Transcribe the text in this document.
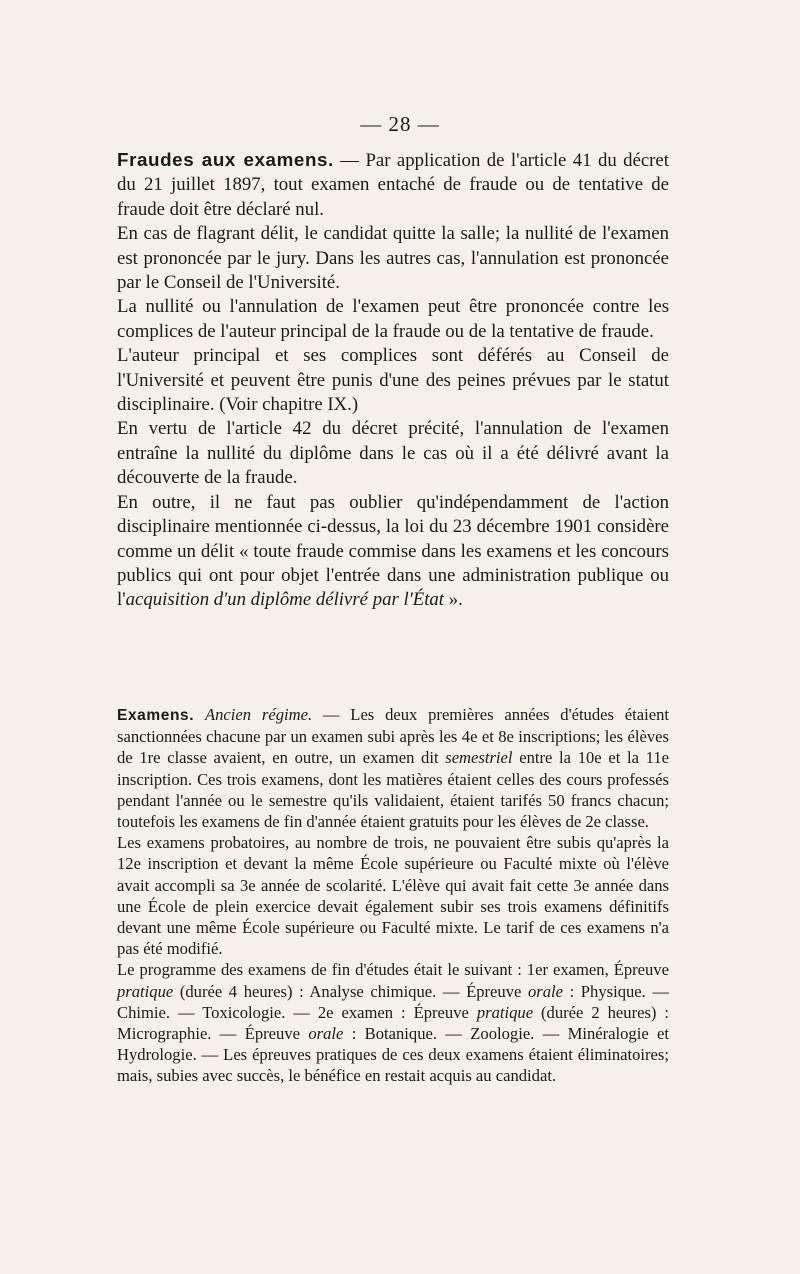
— 28 —

Fraudes aux examens. — Par application de l'article 41 du décret du 21 juillet 1897, tout examen entaché de fraude ou de tentative de fraude doit être déclaré nul.

En cas de flagrant délit, le candidat quitte la salle; la nullité de l'examen est prononcée par le jury. Dans les autres cas, l'annulation est prononcée par le Conseil de l'Université.

La nullité ou l'annulation de l'examen peut être prononcée contre les complices de l'auteur principal de la fraude ou de la tentative de fraude.

L'auteur principal et ses complices sont déférés au Conseil de l'Université et peuvent être punis d'une des peines prévues par le statut disciplinaire. (Voir chapitre IX.)

En vertu de l'article 42 du décret précité, l'annulation de l'examen entraîne la nullité du diplôme dans le cas où il a été délivré avant la découverte de la fraude.

En outre, il ne faut pas oublier qu'indépendamment de l'action disciplinaire mentionnée ci-dessus, la loi du 23 décembre 1901 considère comme un délit « toute fraude commise dans les examens et les concours publics qui ont pour objet l'entrée dans une administration publique ou l'acquisition d'un diplôme délivré par l'État ».

Examens. Ancien régime. — Les deux premières années d'études étaient sanctionnées chacune par un examen subi après les 4e et 8e inscriptions; les élèves de 1re classe avaient, en outre, un examen dit semestriel entre la 10e et la 11e inscription. Ces trois examens, dont les matières étaient celles des cours professés pendant l'année ou le semestre qu'ils validaient, étaient tarifés 50 francs chacun; toutefois les examens de fin d'année étaient gratuits pour les élèves de 2e classe.

Les examens probatoires, au nombre de trois, ne pouvaient être subis qu'après la 12e inscription et devant la même École supérieure ou Faculté mixte où l'élève avait accompli sa 3e année de scolarité. L'élève qui avait fait cette 3e année dans une École de plein exercice devait également subir ses trois examens définitifs devant une même École supérieure ou Faculté mixte. Le tarif de ces examens n'a pas été modifié.

Le programme des examens de fin d'études était le suivant : 1er examen, Épreuve pratique (durée 4 heures) : Analyse chimique. — Épreuve orale : Physique. — Chimie. — Toxicologie. — 2e examen : Épreuve pratique (durée 2 heures) : Micrographie. — Épreuve orale : Botanique. — Zoologie. — Minéralogie et Hydrologie. — Les épreuves pratiques de ces deux examens étaient éliminatoires; mais, subies avec succès, le bénéfice en restait acquis au candidat.
